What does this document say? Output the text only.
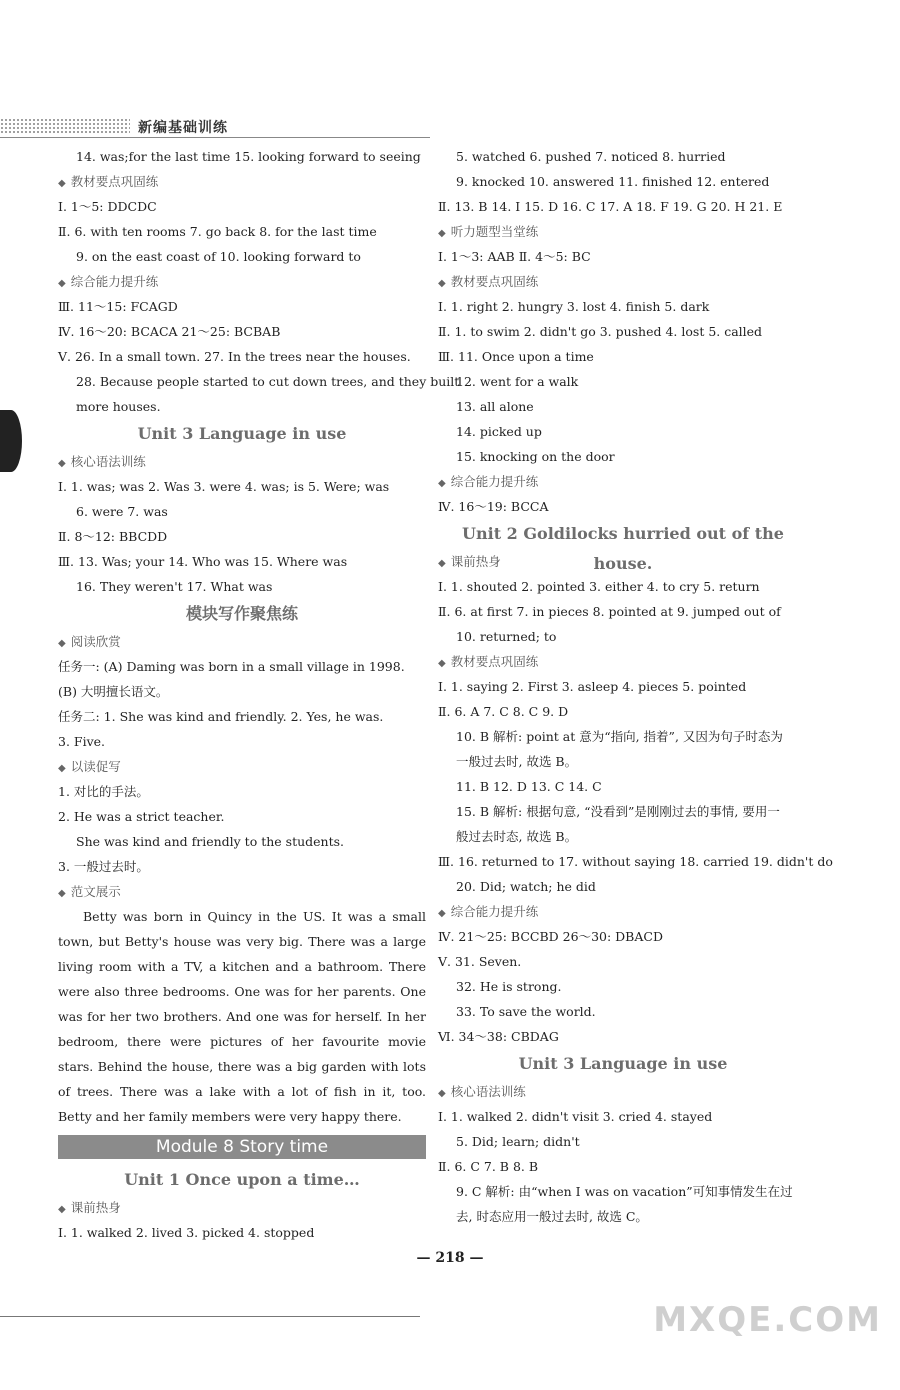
新编基础训练
14. was;for the last time 15. looking forward to seeing
◆ 教材要点巩固练
Ⅰ. 1～5: DDCDC
Ⅱ. 6. with ten rooms 7. go back 8. for the last time
9. on the east coast of 10. looking forward to
◆ 综合能力提升练
Ⅲ. 11～15: FCAGD
Ⅳ. 16～20: BCACA 21～25: BCBAB
Ⅴ. 26. In a small town. 27. In the trees near the houses.
28. Because people started to cut down trees, and they built
more houses.
Unit 3 Language in use
◆ 核心语法训练
Ⅰ. 1. was; was 2. Was 3. were 4. was; is 5. Were; was
6. were 7. was
Ⅱ. 8～12: BBCDD
Ⅲ. 13. Was; your 14. Who was 15. Where was
16. They weren't 17. What was
模块写作聚焦练
◆ 阅读欣赏
任务一: (A) Daming was born in a small village in 1998.
(B) 大明擅长语文。
任务二: 1. She was kind and friendly. 2. Yes, he was.
3. Five.
◆ 以读促写
1. 对比的手法。
2. He was a strict teacher.
She was kind and friendly to the students.
3. 一般过去时。
◆ 范文展示
Betty was born in Quincy in the US. It was a small town, but Betty's house was very big. There was a large living room with a TV, a kitchen and a bathroom. There were also three bedrooms. One was for her parents. One was for her two brothers. And one was for herself. In her bedroom, there were pictures of her favourite movie stars. Behind the house, there was a big garden with lots of trees. There was a lake with a lot of fish in it, too. Betty and her family members were very happy there.
Module 8 Story time
Unit 1 Once upon a time…
◆ 课前热身
Ⅰ. 1. walked 2. lived 3. picked 4. stopped
5. watched 6. pushed 7. noticed 8. hurried
9. knocked 10. answered 11. finished 12. entered
Ⅱ. 13. B 14. I 15. D 16. C 17. A 18. F 19. G 20. H 21. E
◆ 听力题型当堂练
Ⅰ. 1～3: AAB Ⅱ. 4～5: BC
◆ 教材要点巩固练
Ⅰ. 1. right 2. hungry 3. lost 4. finish 5. dark
Ⅱ. 1. to swim 2. didn't go 3. pushed 4. lost 5. called
Ⅲ. 11. Once upon a time
12. went for a walk
13. all alone
14. picked up
15. knocking on the door
◆ 综合能力提升练
Ⅳ. 16～19: BCCA
Unit 2 Goldilocks hurried out of the house.
◆ 课前热身
Ⅰ. 1. shouted 2. pointed 3. either 4. to cry 5. return
Ⅱ. 6. at first 7. in pieces 8. pointed at 9. jumped out of
10. returned; to
◆ 教材要点巩固练
Ⅰ. 1. saying 2. First 3. asleep 4. pieces 5. pointed
Ⅱ. 6. A 7. C 8. C 9. D
10. B 解析: point at 意为“指向, 指着”, 又因为句子时态为
一般过去时, 故选 B。
11. B 12. D 13. C 14. C
15. B 解析: 根据句意, “没看到”是刚刚过去的事情, 要用一
般过去时态, 故选 B。
Ⅲ. 16. returned to 17. without saying 18. carried 19. didn't do
20. Did; watch; he did
◆ 综合能力提升练
Ⅳ. 21～25: BCCBD 26～30: DBACD
Ⅴ. 31. Seven.
32. He is strong.
33. To save the world.
Ⅵ. 34～38: CBDAG
Unit 3 Language in use
◆ 核心语法训练
Ⅰ. 1. walked 2. didn't visit 3. cried 4. stayed
5. Did; learn; didn't
Ⅱ. 6. C 7. B 8. B
9. C 解析: 由“when I was on vacation”可知事情发生在过
去, 时态应用一般过去时, 故选 C。
— 218 —
MXQE.COM
